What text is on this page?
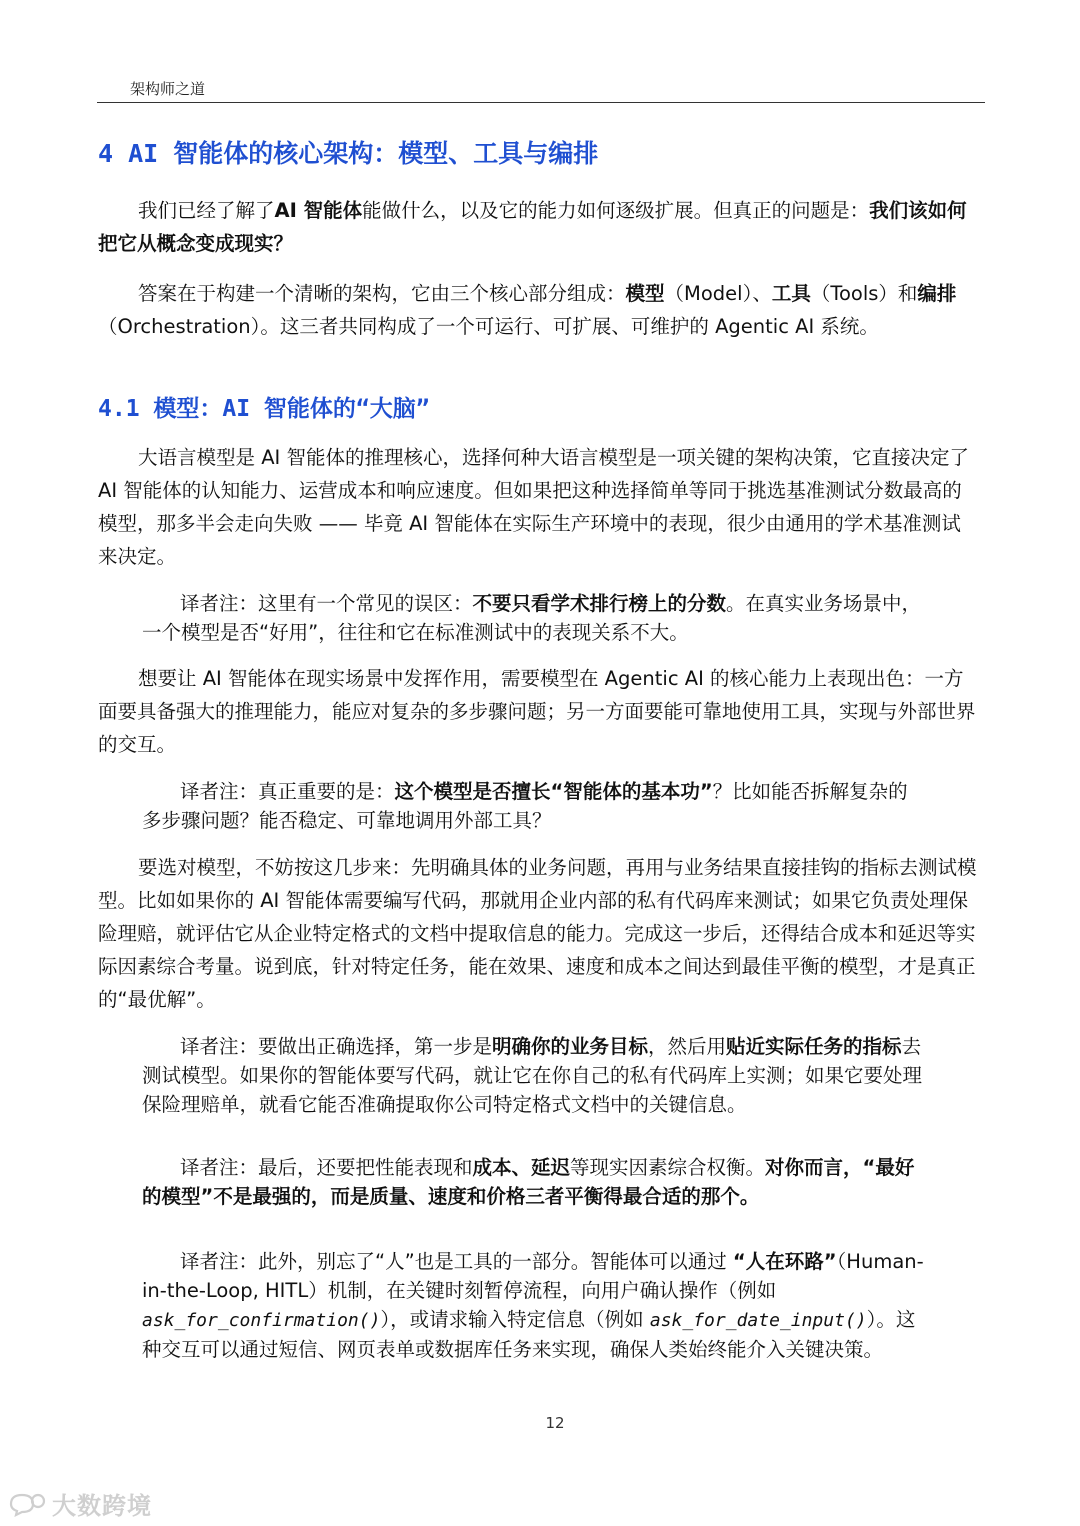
架构师之道
4 AI 智能体的核心架构：模型、工具与编排

我们已经了解了AI 智能体能做什么，以及它的能力如何逐级扩展。但真正的问题是：我们该如何把它从概念变成现实？

答案在于构建一个清晰的架构，它由三个核心部分组成：模型（Model）、工具（Tools）和编排（Orchestration）。这三者共同构成了一个可运行、可扩展、可维护的 Agentic AI 系统。

4.1 模型：AI 智能体的“大脑”

大语言模型是 AI 智能体的推理核心，选择何种大语言模型是一项关键的架构决策，它直接决定了 AI 智能体的认知能力、运营成本和响应速度。但如果把这种选择简单等同于挑选基准测试分数最高的模型，那多半会走向失败 —— 毕竟 AI 智能体在实际生产环境中的表现，很少由通用的学术基准测试来决定。

译者注：这里有一个常见的误区：不要只看学术排行榜上的分数。在真实业务场景中，一个模型是否“好用”，往往和它在标准测试中的表现关系不大。

想要让 AI 智能体在现实场景中发挥作用，需要模型在 Agentic AI 的核心能力上表现出色：一方面要具备强大的推理能力，能应对复杂的多步骤问题；另一方面要能可靠地使用工具，实现与外部世界的交互。

译者注：真正重要的是：这个模型是否擅长“智能体的基本功”？比如能否拆解复杂的多步骤问题？能否稳定、可靠地调用外部工具？

要选对模型，不妨按这几步来：先明确具体的业务问题，再用与业务结果直接挂钩的指标去测试模型。比如如果你的 AI 智能体需要编写代码，那就用企业内部的私有代码库来测试；如果它负责处理保险理赔，就评估它从企业特定格式的文档中提取信息的能力。完成这一步后，还得结合成本和延迟等实际因素综合考量。说到底，针对特定任务，能在效果、速度和成本之间达到最佳平衡的模型，才是真正的“最优解”。

译者注：要做出正确选择，第一步是明确你的业务目标，然后用贴近实际任务的指标去测试模型。如果你的智能体要写代码，就让它在你自己的私有代码库上实测；如果它要处理保险理赔单，就看它能否准确提取你公司特定格式文档中的关键信息。

译者注：最后，还要把性能表现和成本、延迟等现实因素综合权衡。对你而言，“最好的模型”不是最强的，而是质量、速度和价格三者平衡得最合适的那个。

译者注：此外，别忘了“人”也是工具的一部分。智能体可以通过 “人在环路”（Human-in-the-Loop, HITL）机制，在关键时刻暂停流程，向用户确认操作（例如 ask_for_confirmation()），或请求输入特定信息（例如 ask_for_date_input()）。这种交互可以通过短信、网页表单或数据库任务来实现，确保人类始终能介入关键决策。

12
大数跨境
